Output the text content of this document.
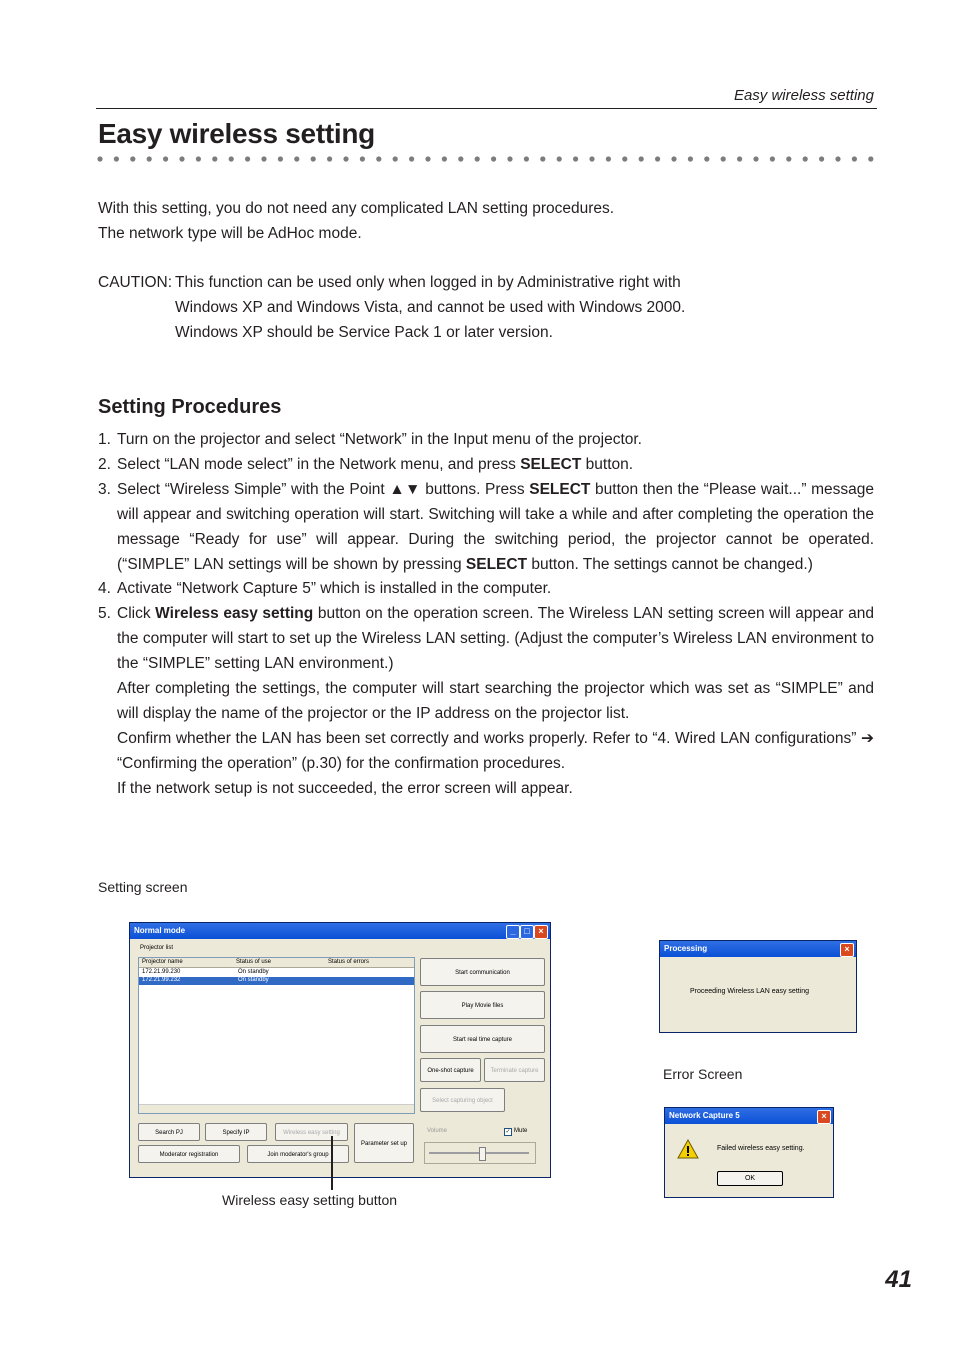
Easy wireless setting
Easy wireless setting
With this setting, you do not need any complicated LAN setting procedures.
The network type will be AdHoc mode.
CAUTION: This function can be used only when logged in by Administrative right with
Windows XP and Windows Vista, and cannot be used with Windows 2000.
Windows XP should be Service Pack 1 or later version.
Setting Procedures
1. Turn on the projector and select “Network” in the Input menu of the projector.
2. Select “LAN mode select” in the Network menu, and press SELECT button.
3. Select “Wireless Simple” with the Point ▲▼ buttons. Press SELECT button then the “Please wait...” message will appear and switching operation will start. Switching will take a while and after completing the operation the message “Ready for use” will appear. During the switching period, the projector cannot be operated. (“SIMPLE” LAN settings will be shown by pressing SELECT button. The settings cannot be changed.)
4. Activate “Network Capture 5” which is installed in the computer.
5. Click Wireless easy setting button on the operation screen. The Wireless LAN setting screen will appear and the computer will start to set up the Wireless LAN setting. (Adjust the computer’s Wireless LAN environment to the “SIMPLE” setting LAN environment.)
After completing the settings, the computer will start searching the projector which was set as “SIMPLE” and will display the name of the projector or the IP address on the projector list.
Confirm whether the LAN has been set correctly and works properly. Refer to “4. Wired LAN configurations” ➔ “Confirming the operation” (p.30) for the confirmation procedures.
If the network setup is not succeeded, the error screen will appear.
Setting screen
Normal mode	_ □ ×
Projector list
Projector name	Status of use	Status of errors
172.21.99.230	On standby
172.21.99.232	On standby
Start communication
Play Movie files
Start real time capture
One-shot capture	Terminate capture
Select capturing object
Search PJ	Specify IP	Wireless easy setting
Moderator registration	Join moderator's group
Parameter set up
Volume	✓ Mute
Wireless easy setting button
Processing	×
Proceeding Wireless LAN easy setting
Error Screen
Network Capture 5	×
Failed wireless easy setting.
OK
41
